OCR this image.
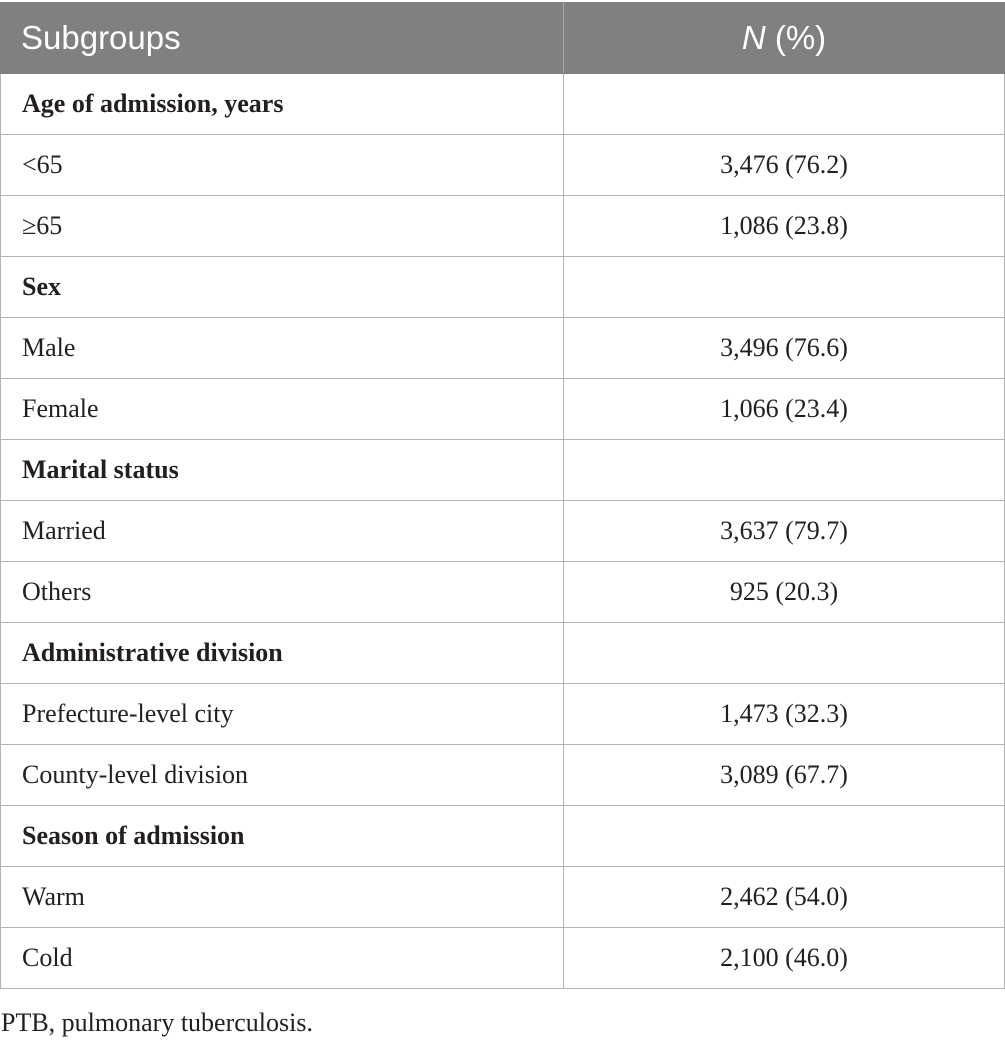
Subgroups	N (%)
Age of admission, years	
<65	3,476 (76.2)
≥65	1,086 (23.8)
Sex	
Male	3,496 (76.6)
Female	1,066 (23.4)
Marital status	
Married	3,637 (79.7)
Others	925 (20.3)
Administrative division	
Prefecture-level city	1,473 (32.3)
County-level division	3,089 (67.7)
Season of admission	
Warm	2,462 (54.0)
Cold	2,100 (46.0)
PTB, pulmonary tuberculosis.
